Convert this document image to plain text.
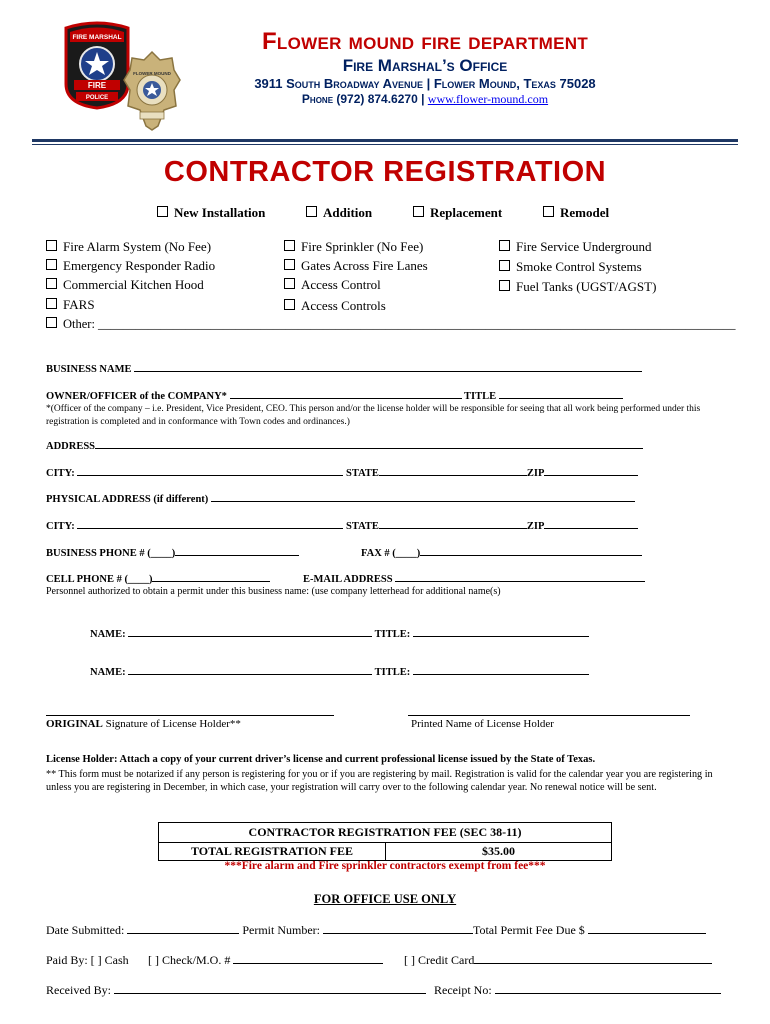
FIRE MARSHAL
FIRE
POLICE
FLOWER MOUND
Flower mound fire department
Fire Marshal’s Office
3911 South Broadway Avenue | Flower Mound, Texas 75028
Phone (972) 874.6270 | www.flower-mound.com
CONTRACTOR REGISTRATION
New Installation	Addition	Replacement	Remodel
Fire Alarm System (No Fee)
Emergency Responder Radio
Commercial Kitchen Hood
FARS
Other: ______________________________________________________________________________________________________
Fire Sprinkler (No Fee)
Gates Across Fire Lanes
Access Control
Access Controls
Fire Service Underground
Smoke Control Systems
Fuel Tanks (UGST/AGST)
BUSINESS NAME
OWNER/OFFICER of the COMPANY*	TITLE
*(Officer of the company – i.e. President, Vice President, CEO. This person and/or the license holder will be responsible for seeing that all work being performed under this registration is completed and in conformance with Town codes and ordinances.)
ADDRESS
CITY:	STATE	ZIP
PHYSICAL ADDRESS (if different)
CITY:	STATE	ZIP
BUSINESS PHONE # (____)	FAX # (____)
CELL PHONE # (____)	E-MAIL ADDRESS
Personnel authorized to obtain a permit under this business name: (use company letterhead for additional name(s)
NAME:	TITLE:
NAME:	TITLE:
ORIGINAL Signature of License Holder**	Printed Name of License Holder
License Holder: Attach a copy of your current driver’s license and current professional license issued by the State of Texas.
** This form must be notarized if any person is registering for you or if you are registering by mail. Registration is valid for the calendar year you are registering in unless you are registering in December, in which case, your registration will carry over to the following calendar year. No renewal notice will be sent.
CONTRACTOR REGISTRATION FEE (SEC 38-11)
TOTAL REGISTRATION FEE	$35.00
***Fire alarm and Fire sprinkler contractors exempt from fee***
FOR OFFICE USE ONLY
Date Submitted:	Permit Number:	Total Permit Fee Due $
Paid By: [ ] Cash [ ] Check/M.O. #	[ ] Credit Card
Received By:	Receipt No:
